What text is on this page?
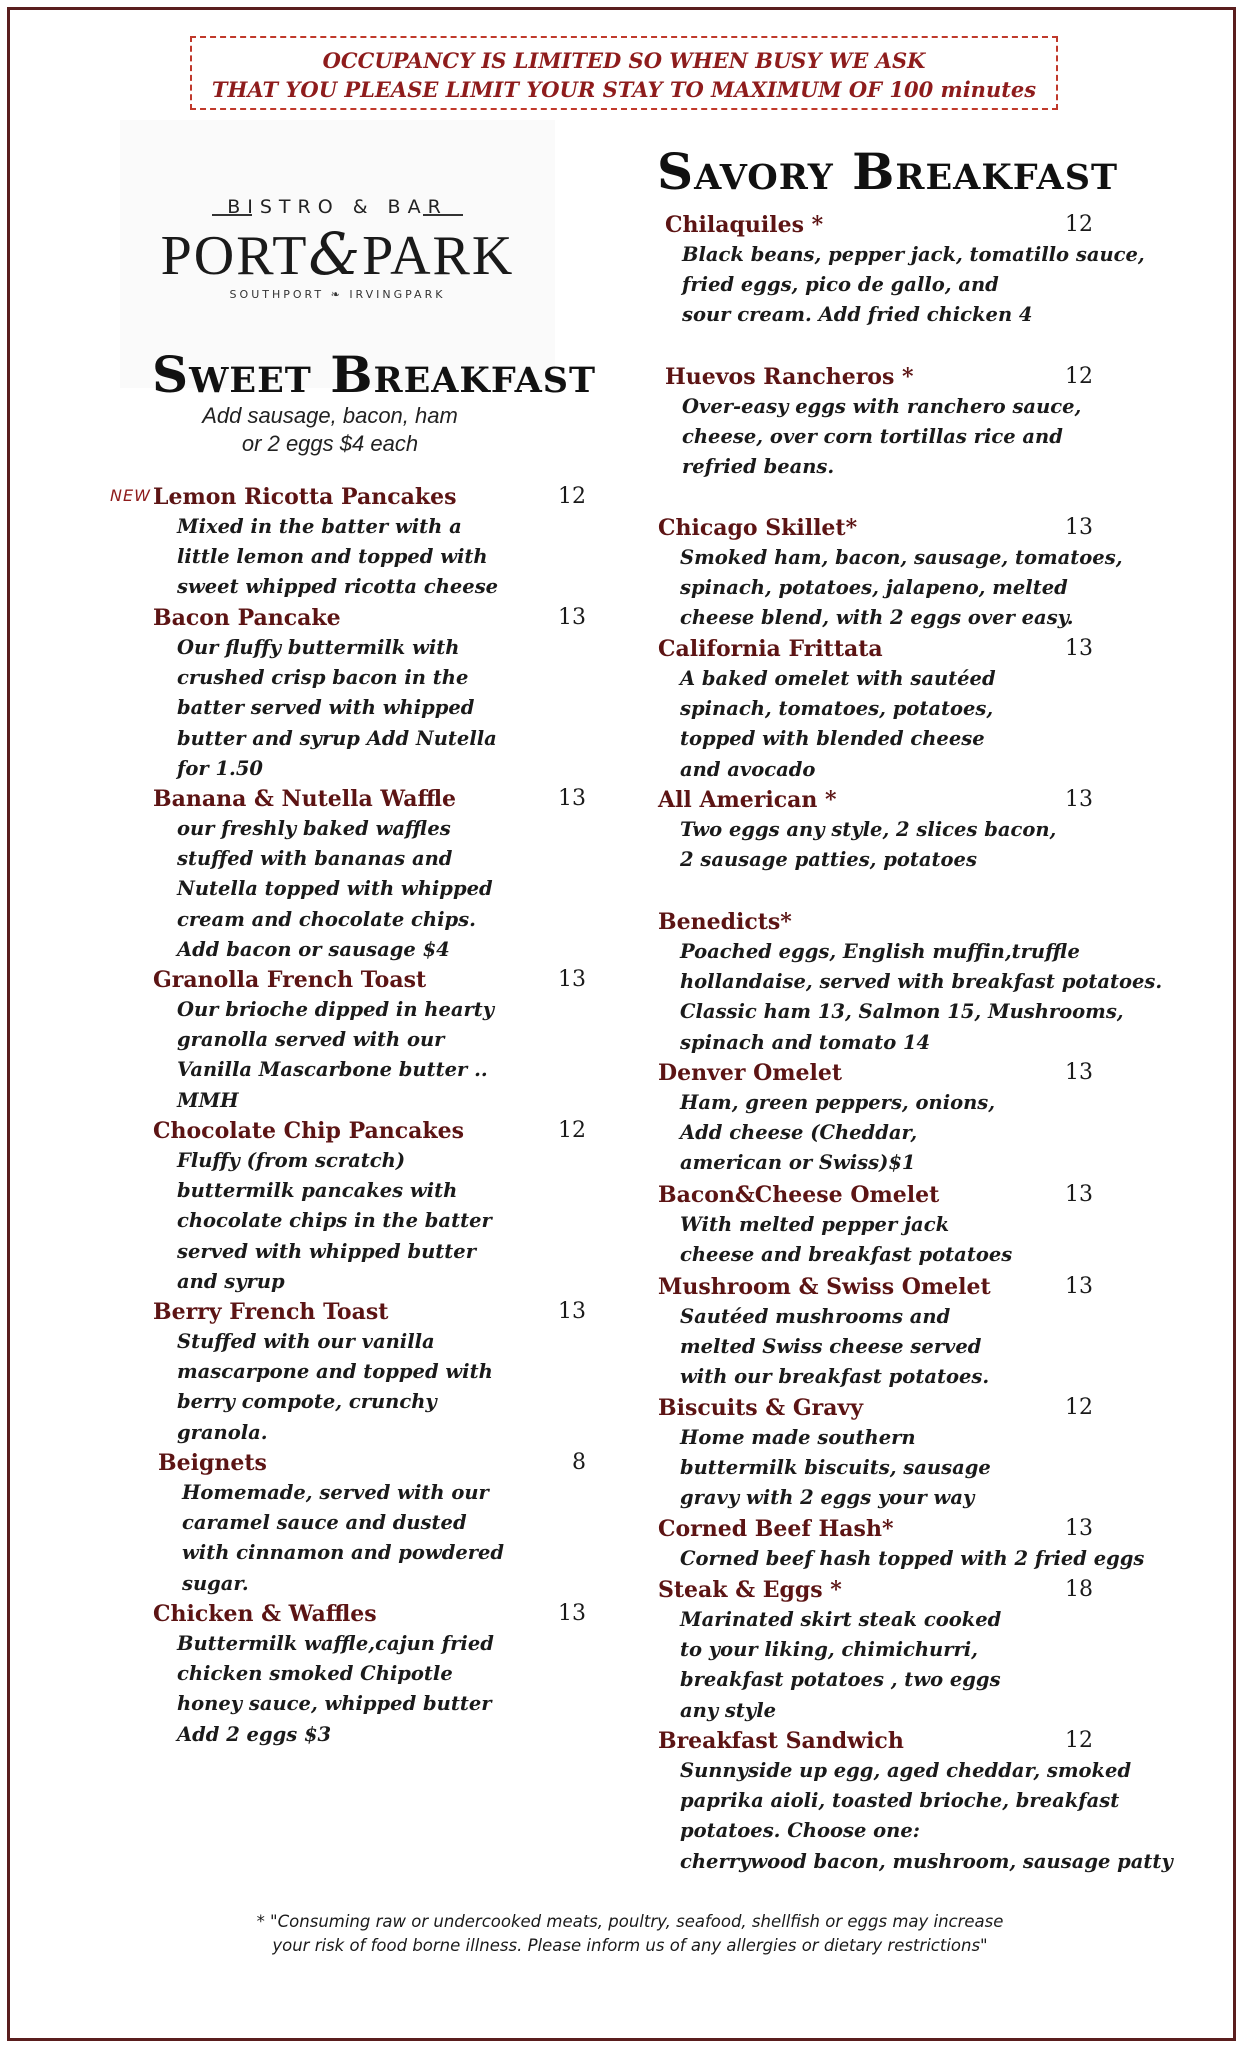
OCCUPANCY IS LIMITED SO WHEN BUSY WE ASK
THAT YOU PLEASE LIMIT YOUR STAY TO MAXIMUM OF 100 minutes
BISTRO & BAR
PORT&PARK
SOUTHPORT ❧ IRVINGPARK
Sweet Breakfast
Add sausage, bacon, ham
or 2 eggs $4 each
NEW
Savory Breakfast
Lemon Ricotta Pancakes	12
Mixed in the batter with a
little lemon and topped with
sweet whipped ricotta cheese
Bacon Pancake	13
Our fluffy buttermilk with
crushed crisp bacon in the
batter served with whipped
butter and syrup Add Nutella
for 1.50
Banana & Nutella Waffle	13
our freshly baked waffles
stuffed with bananas and
Nutella topped with whipped
cream and chocolate chips.
Add bacon or sausage $4
Granolla French Toast	13
Our brioche dipped in hearty
granolla served with our
Vanilla Mascarbone butter ..
MMH
Chocolate Chip Pancakes	12
Fluffy (from scratch)
buttermilk pancakes with
chocolate chips in the batter
served with whipped butter
and syrup
Berry French Toast	13
Stuffed with our vanilla
mascarpone and topped with
berry compote, crunchy
granola.
Beignets	8
Homemade, served with our
caramel sauce and dusted
with cinnamon and powdered
sugar.
Chicken & Waffles	13
Buttermilk waffle,cajun fried
chicken smoked Chipotle
honey sauce, whipped butter
Add 2 eggs $3
Chilaquiles *	12
Black beans, pepper jack, tomatillo sauce,
fried eggs, pico de gallo, and
sour cream. Add fried chicken 4
Huevos Rancheros *	12
Over-easy eggs with ranchero sauce,
cheese, over corn tortillas rice and
refried beans.
Chicago Skillet*	13
Smoked ham, bacon, sausage, tomatoes,
spinach, potatoes, jalapeno, melted
cheese blend, with 2 eggs over easy.
California Frittata	13
A baked omelet with sautéed
spinach, tomatoes, potatoes,
topped with blended cheese
and avocado
All American *	13
Two eggs any style, 2 slices bacon,
2 sausage patties, potatoes
Benedicts*
Poached eggs, English muffin,truffle
hollandaise, served with breakfast potatoes.
Classic ham 13, Salmon 15, Mushrooms,
spinach and tomato 14
Denver Omelet	13
Ham, green peppers, onions,
Add cheese (Cheddar,
american or Swiss)$1
Bacon&Cheese Omelet	13
With melted pepper jack
cheese and breakfast potatoes
Mushroom & Swiss Omelet	13
Sautéed mushrooms and
melted Swiss cheese served
with our breakfast potatoes.
Biscuits & Gravy	12
Home made southern
buttermilk biscuits, sausage
gravy with 2 eggs your way
Corned Beef Hash*	13
Corned beef hash topped with 2 fried eggs
Steak & Eggs *	18
Marinated skirt steak cooked
to your liking, chimichurri,
breakfast potatoes , two eggs
any style
Breakfast Sandwich	12
Sunnyside up egg, aged cheddar, smoked
paprika aioli, toasted brioche, breakfast
potatoes. Choose one:
cherrywood bacon, mushroom, sausage patty
* "Consuming raw or undercooked meats, poultry, seafood, shellfish or eggs may increase
your risk of food borne illness. Please inform us of any allergies or dietary restrictions"
